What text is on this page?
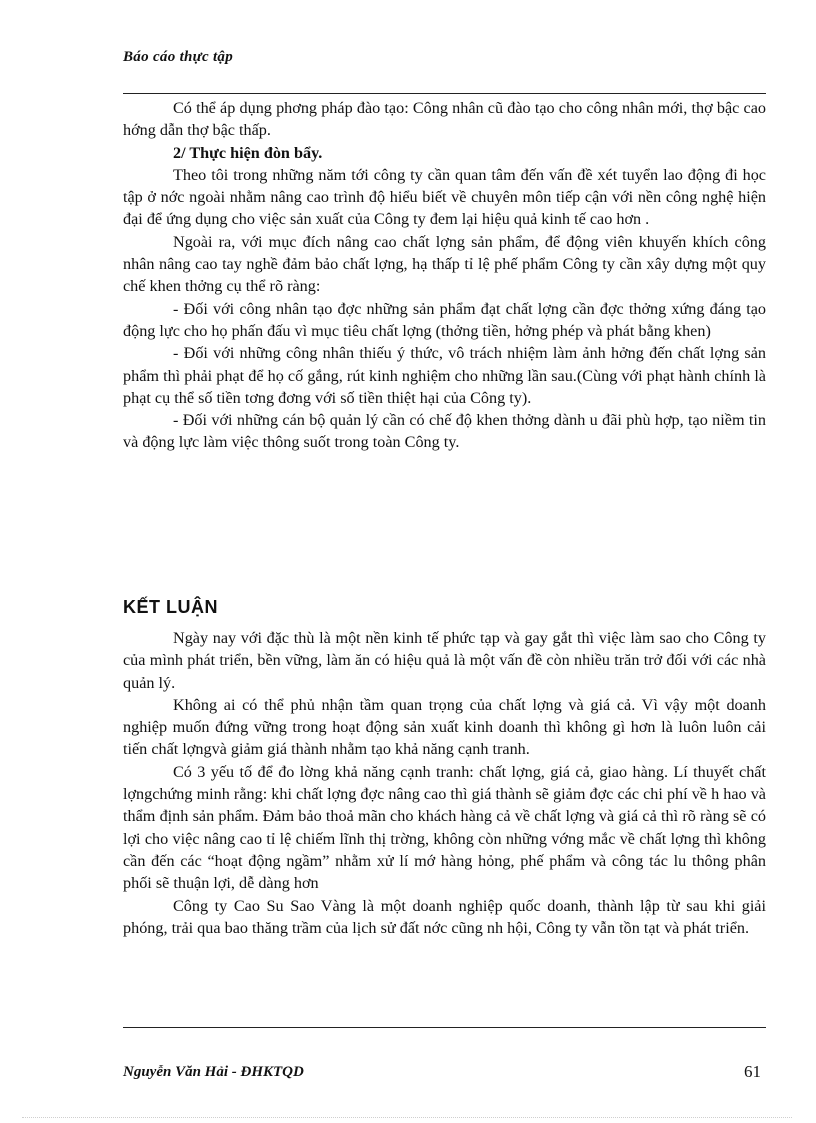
Báo cáo thực tập

Có thể áp dụng phơng pháp đào tạo: Công nhân cũ đào tạo cho công nhân mới, thợ bậc cao hớng dẫn thợ bậc thấp.

2/ Thực hiện đòn bẩy.

Theo tôi trong những năm tới công ty cần quan tâm đến vấn đề xét tuyển lao động đi học tập ở nớc ngoài nhằm nâng cao trình độ hiểu biết về chuyên môn tiếp cận với nền công nghệ hiện đại để ứng dụng cho việc sản xuất của Công ty đem lại hiệu quả kinh tế cao hơn .

Ngoài ra, với mục đích nâng cao chất lợng sản phẩm, để động viên khuyến khích công nhân nâng cao tay nghề đảm bảo chất lợng, hạ thấp tỉ lệ phế phẩm Công ty cần xây dựng một quy chế khen thởng cụ thể rõ ràng:

- Đối với công nhân tạo đợc những sản phẩm đạt chất lợng cần đợc thởng xứng đáng tạo động lực cho họ phấn đấu vì mục tiêu chất lợng (thởng tiền, hởng phép và phát bằng khen)

- Đối với những công nhân thiếu ý thức, vô trách nhiệm làm ảnh hởng đến chất lợng sản phẩm thì phải phạt để họ cố gắng, rút kinh nghiệm cho những lần sau.(Cùng với phạt hành chính là phạt cụ thể số tiền tơng đơng với số tiền thiệt hại của Công ty).

- Đối với những cán bộ quản lý cần có chế độ khen thởng dành u đãi phù hợp, tạo niềm tin và động lực làm việc thông suốt trong toàn Công ty.

KẾT LUẬN

Ngày nay với đặc thù là một nền kinh tế phức tạp và gay gắt thì việc làm sao cho Công ty của mình phát triển, bền vững, làm ăn có hiệu quả là một vấn đề còn nhiều trăn trở đối với các nhà quản lý.

Không ai có thể phủ nhận tầm quan trọng của chất lợng và giá cả. Vì vậy một doanh nghiệp muốn đứng vững trong hoạt động sản xuất kinh doanh thì không gì hơn là luôn luôn cải tiến chất lợngvà giảm giá thành nhằm tạo khả năng cạnh tranh.

Có 3 yếu tố để đo lờng khả năng cạnh tranh: chất lợng, giá cả, giao hàng. Lí thuyết chất lợngchứng minh rằng: khi chất lợng đợc nâng cao thì giá thành sẽ giảm đợc các chi phí về h hao và thẩm định sản phẩm. Đảm bảo thoả mãn cho khách hàng cả về chất lợng và giá cả thì rõ ràng sẽ có lợi cho việc nâng cao tỉ lệ chiếm lĩnh thị trờng, không còn những vớng mắc về chất lợng thì không cần đến các “hoạt động ngầm” nhằm xử lí mớ hàng hỏng, phế phẩm và công tác lu thông phân phối sẽ thuận lợi, dễ dàng hơn

Công ty Cao Su Sao Vàng là một doanh nghiệp quốc doanh, thành lập từ sau khi giải phóng, trải qua bao thăng trầm của lịch sử đất nớc cũng nh hội, Công ty vẫn tồn tạt và phát triển.

Nguyễn Văn Hải - ĐHKTQD	61
